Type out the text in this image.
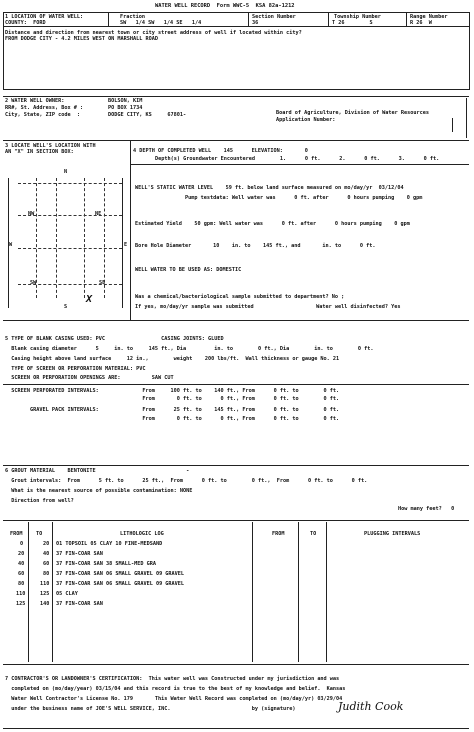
WATER WELL RECORD  Form WWC-5  KSA 82a-1212
1 LOCATION OF WATER WELL:
COUNTY:  FORD
Fraction
SW   1/4 SW   1/4 SE   1/4
Section Number
36
Township Number
T 26        S
Range Number
R 26  W
Distance and direction from nearest town or city street address of well if located within city?
FROM DODGE CITY - 4.2 MILES WEST ON MARSHALL ROAD
2 WATER WELL OWNER:	BOLSON, KIM
RR#, St. Address, Box # :	PO BOX 1734
City, State, ZIP code  :	DODGE CITY, KS     67801-	Board of Agriculture, Division of Water Resources
Application Number:
3 LOCATE WELL'S LOCATION WITH
AN "X" IN SECTION BOX:
N
NW	NE
W	E
SW	SE
S
X
4 DEPTH OF COMPLETED WELL    145      ELEVATION:       0
Depth(s) Groundwater Encountered        1.      0 ft.      2.      0 ft.      3.      0 ft.
WELL'S STATIC WATER LEVEL    59 ft. below land surface measured on mo/day/yr  03/12/04
Pump testdata: Well water was      0 ft. after      0 hours pumping    0 gpm
Estimated Yield    50 gpm: Well water was      0 ft. after      0 hours pumping    0 gpm
Bore Hole Diameter       10    in. to    145 ft., and       in. to      0 ft.
WELL WATER TO BE USED AS: DOMESTIC
Was a chemical/bacteriological sample submitted to department? No ;
If yes, mo/day/yr sample was submitted                    Water well disinfected? Yes
5 TYPE OF BLANK CASING USED: PVC                  CASING JOINTS: GLUED
Blank casing diameter      5     in. to     145 ft., Dia         in. to        0 ft., Dia        in. to        0 ft.
Casing height above land surface     12 in.,        weight    200 lbs/ft.  Wall thickness or gauge No. 21
TYPE OF SCREEN OR PERFORATION MATERIAL: PVC
SCREEN OR PERFORATION OPENINGS ARE:          SAW CUT
SCREEN PERFORATED INTERVALS:              From     100 ft. to    140 ft., From      0 ft. to        0 ft.
From       0 ft. to      0 ft., From      0 ft. to        0 ft.
GRAVEL PACK INTERVALS:              From      25 ft. to    145 ft., From      0 ft. to        0 ft.
From       0 ft. to      0 ft., From      0 ft. to        0 ft.
6 GROUT MATERIAL    BENTONITE                             -
Grout intervals:  From      5 ft. to      25 ft.,  From      0 ft. to        0 ft.,  From      0 ft. to      0 ft.
What is the nearest source of possible contamination: NONE
Direction from well?
How many feet?   0
FROM	TO	LITHOLOGIC LOG	FROM	TO	PLUGGING INTERVALS
0	20 01 TOPSOIL 05 CLAY 10 FINE-MEDSAND
20	40 37 FIN-COAR SAN
40	60 37 FIN-COAR SAN 38 SMALL-MED GRA
60	80 37 FIN-COAR SAN 06 SMALL GRAVEL 09 GRAVEL
80	110 37 FIN-COAR SAN 06 SMALL GRAVEL 09 GRAVEL
110	125 05 CLAY
125	140 37 FIN-COAR SAN
7 CONTRACTOR'S OR LANDOWNER'S CERTIFICATION:  This water well was Constructed under my jurisdiction and was
completed on (mo/day/year) 03/15/04 and this record is true to the best of my knowledge and belief.  Kansas
Water Well Contractor's License No. 179       This Water Well Record was completed on (mo/day/yr) 03/29/04
under the business name of JOE'S WELL SERVICE, INC.                          by (signature)	Judith Cook
